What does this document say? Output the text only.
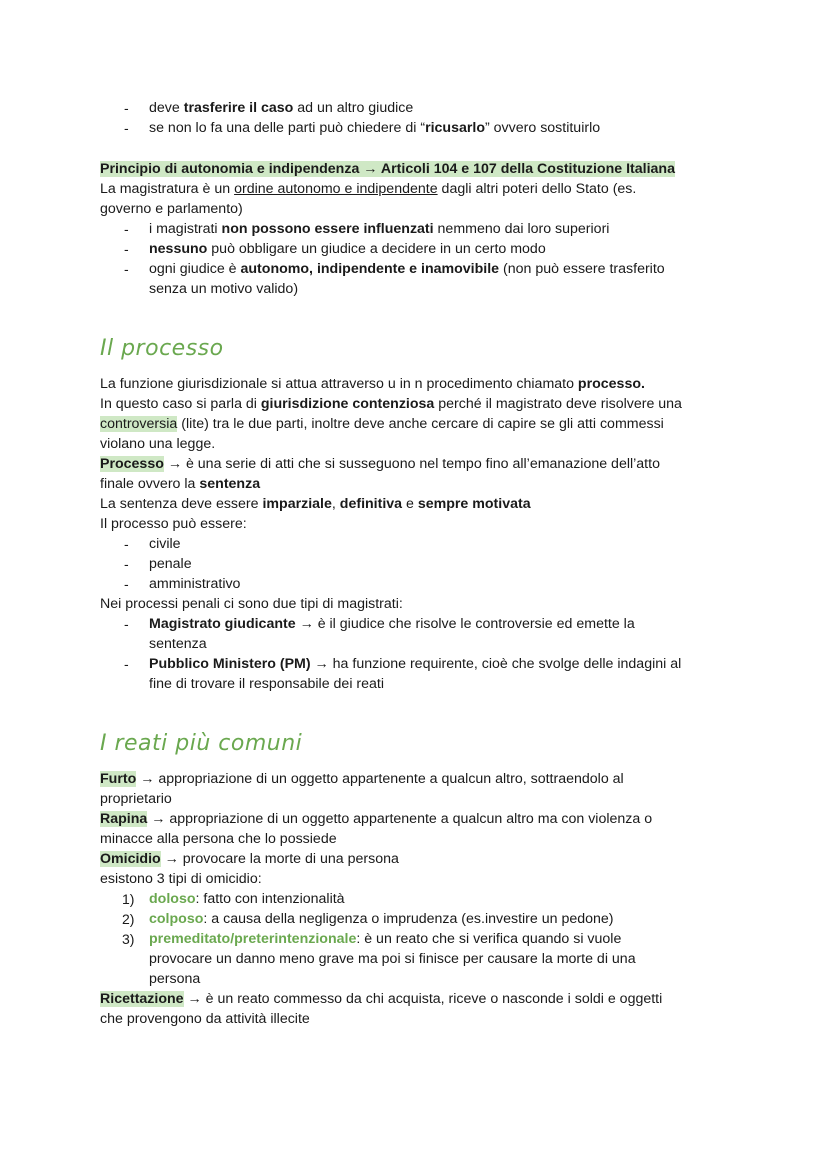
- deve trasferire il caso ad un altro giudice
- se non lo fa una delle parti può chiedere di “ricusarlo” ovvero sostituirlo
Principio di autonomia e indipendenza → Articoli 104 e 107 della Costituzione Italiana
La magistratura è un ordine autonomo e indipendente dagli altri poteri dello Stato (es.
governo e parlamento)
- i magistrati non possono essere influenzati nemmeno dai loro superiori
- nessuno può obbligare un giudice a decidere in un certo modo
- ogni giudice è autonomo, indipendente e inamovibile (non può essere trasferito
senza un motivo valido)
Il processo
La funzione giurisdizionale si attua attraverso u in n procedimento chiamato processo.
In questo caso si parla di giurisdizione contenziosa perché il magistrato deve risolvere una
controversia (lite) tra le due parti, inoltre deve anche cercare di capire se gli atti commessi
violano una legge.
Processo → è una serie di atti che si susseguono nel tempo fino all’emanazione dell’atto
finale ovvero la sentenza
La sentenza deve essere imparziale, definitiva e sempre motivata
Il processo può essere:
- civile
- penale
- amministrativo
Nei processi penali ci sono due tipi di magistrati:
- Magistrato giudicante → è il giudice che risolve le controversie ed emette la
sentenza
- Pubblico Ministero (PM) → ha funzione requirente, cioè che svolge delle indagini al
fine di trovare il responsabile dei reati
I reati più comuni
Furto → appropriazione di un oggetto appartenente a qualcun altro, sottraendolo al
proprietario
Rapina → appropriazione di un oggetto appartenente a qualcun altro ma con violenza o
minacce alla persona che lo possiede
Omicidio → provocare la morte di una persona
esistono 3 tipi di omicidio:
1) doloso: fatto con intenzionalità
2) colposo: a causa della negligenza o imprudenza (es.investire un pedone)
3) premeditato/preterintenzionale: è un reato che si verifica quando si vuole
provocare un danno meno grave ma poi si finisce per causare la morte di una
persona
Ricettazione → è un reato commesso da chi acquista, riceve o nasconde i soldi e oggetti
che provengono da attività illecite
